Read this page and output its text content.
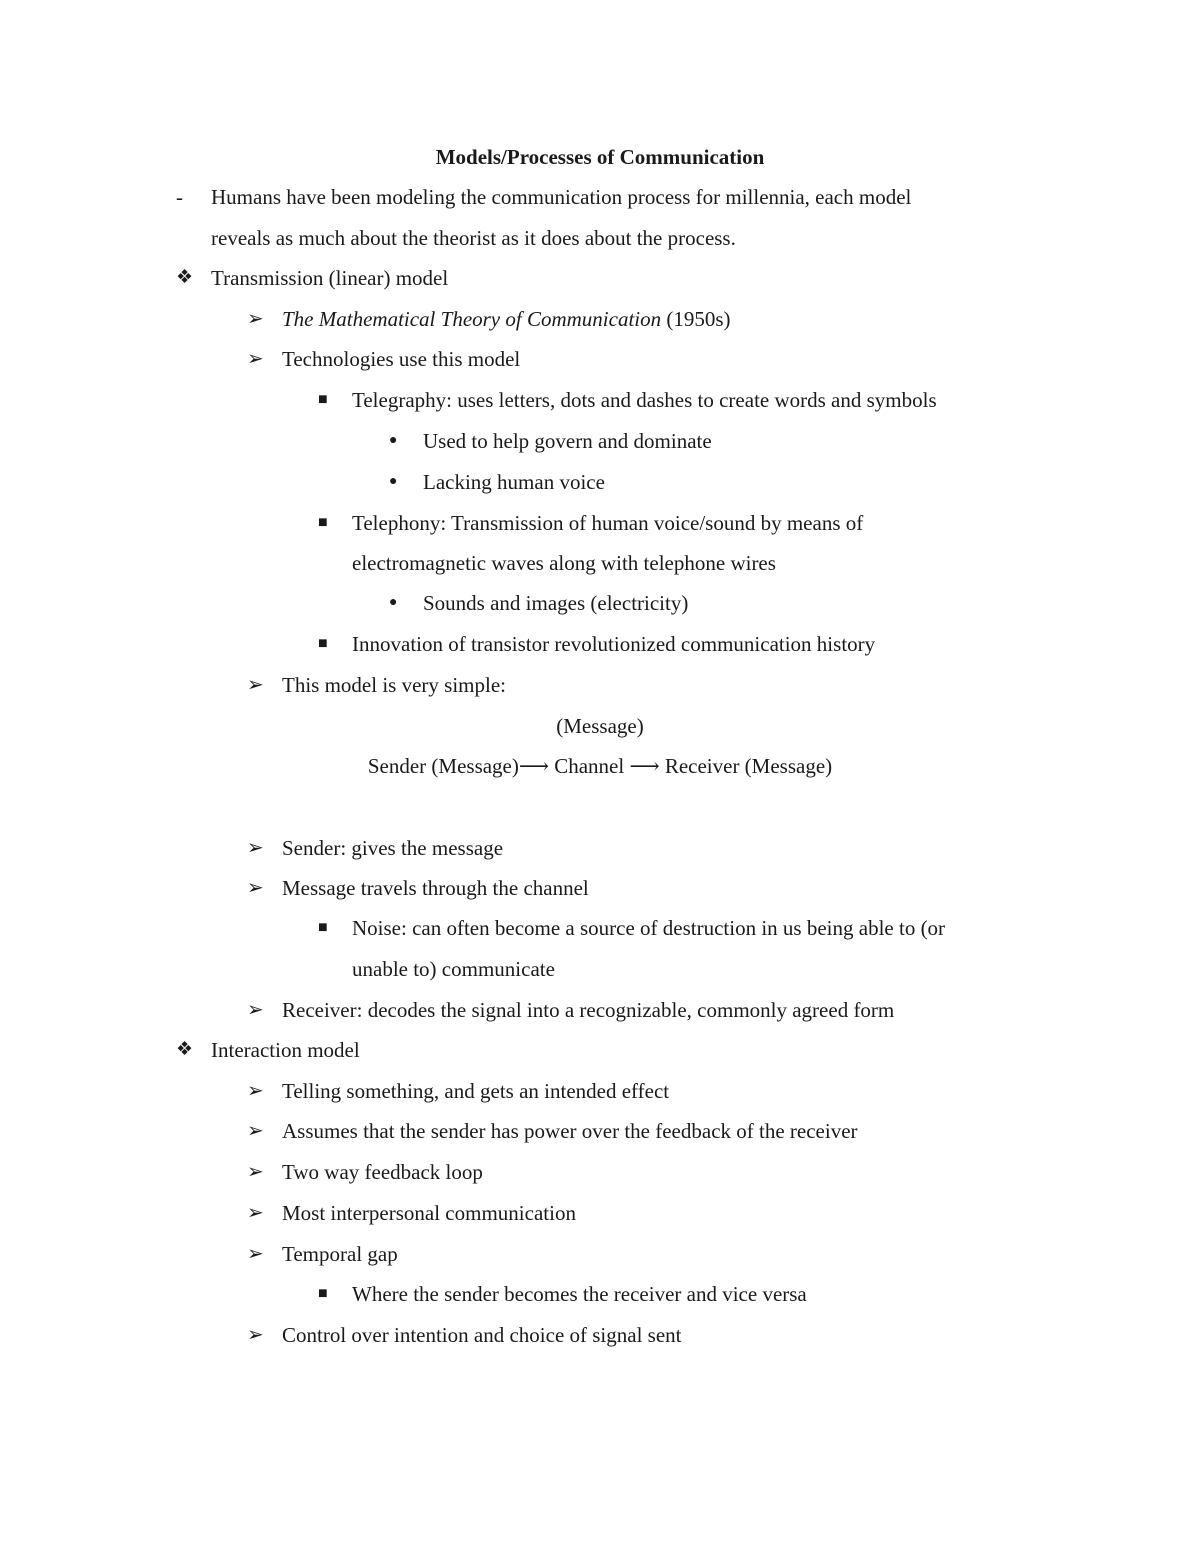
Models/Processes of Communication
- Humans have been modeling the communication process for millennia, each model
reveals as much about the theorist as it does about the process.
❖ Transmission (linear) model
➢ The Mathematical Theory of Communication (1950s)
➢ Technologies use this model
■ Telegraphy: uses letters, dots and dashes to create words and symbols
● Used to help govern and dominate
● Lacking human voice
■ Telephony: Transmission of human voice/sound by means of
electromagnetic waves along with telephone wires
● Sounds and images (electricity)
■ Innovation of transistor revolutionized communication history
➢ This model is very simple:
(Message)
Sender (Message)⟶ Channel ⟶ Receiver (Message)
➢ Sender: gives the message
➢ Message travels through the channel
■ Noise: can often become a source of destruction in us being able to (or
unable to) communicate
➢ Receiver: decodes the signal into a recognizable, commonly agreed form
❖ Interaction model
➢ Telling something, and gets an intended effect
➢ Assumes that the sender has power over the feedback of the receiver
➢ Two way feedback loop
➢ Most interpersonal communication
➢ Temporal gap
■ Where the sender becomes the receiver and vice versa
➢ Control over intention and choice of signal sent
